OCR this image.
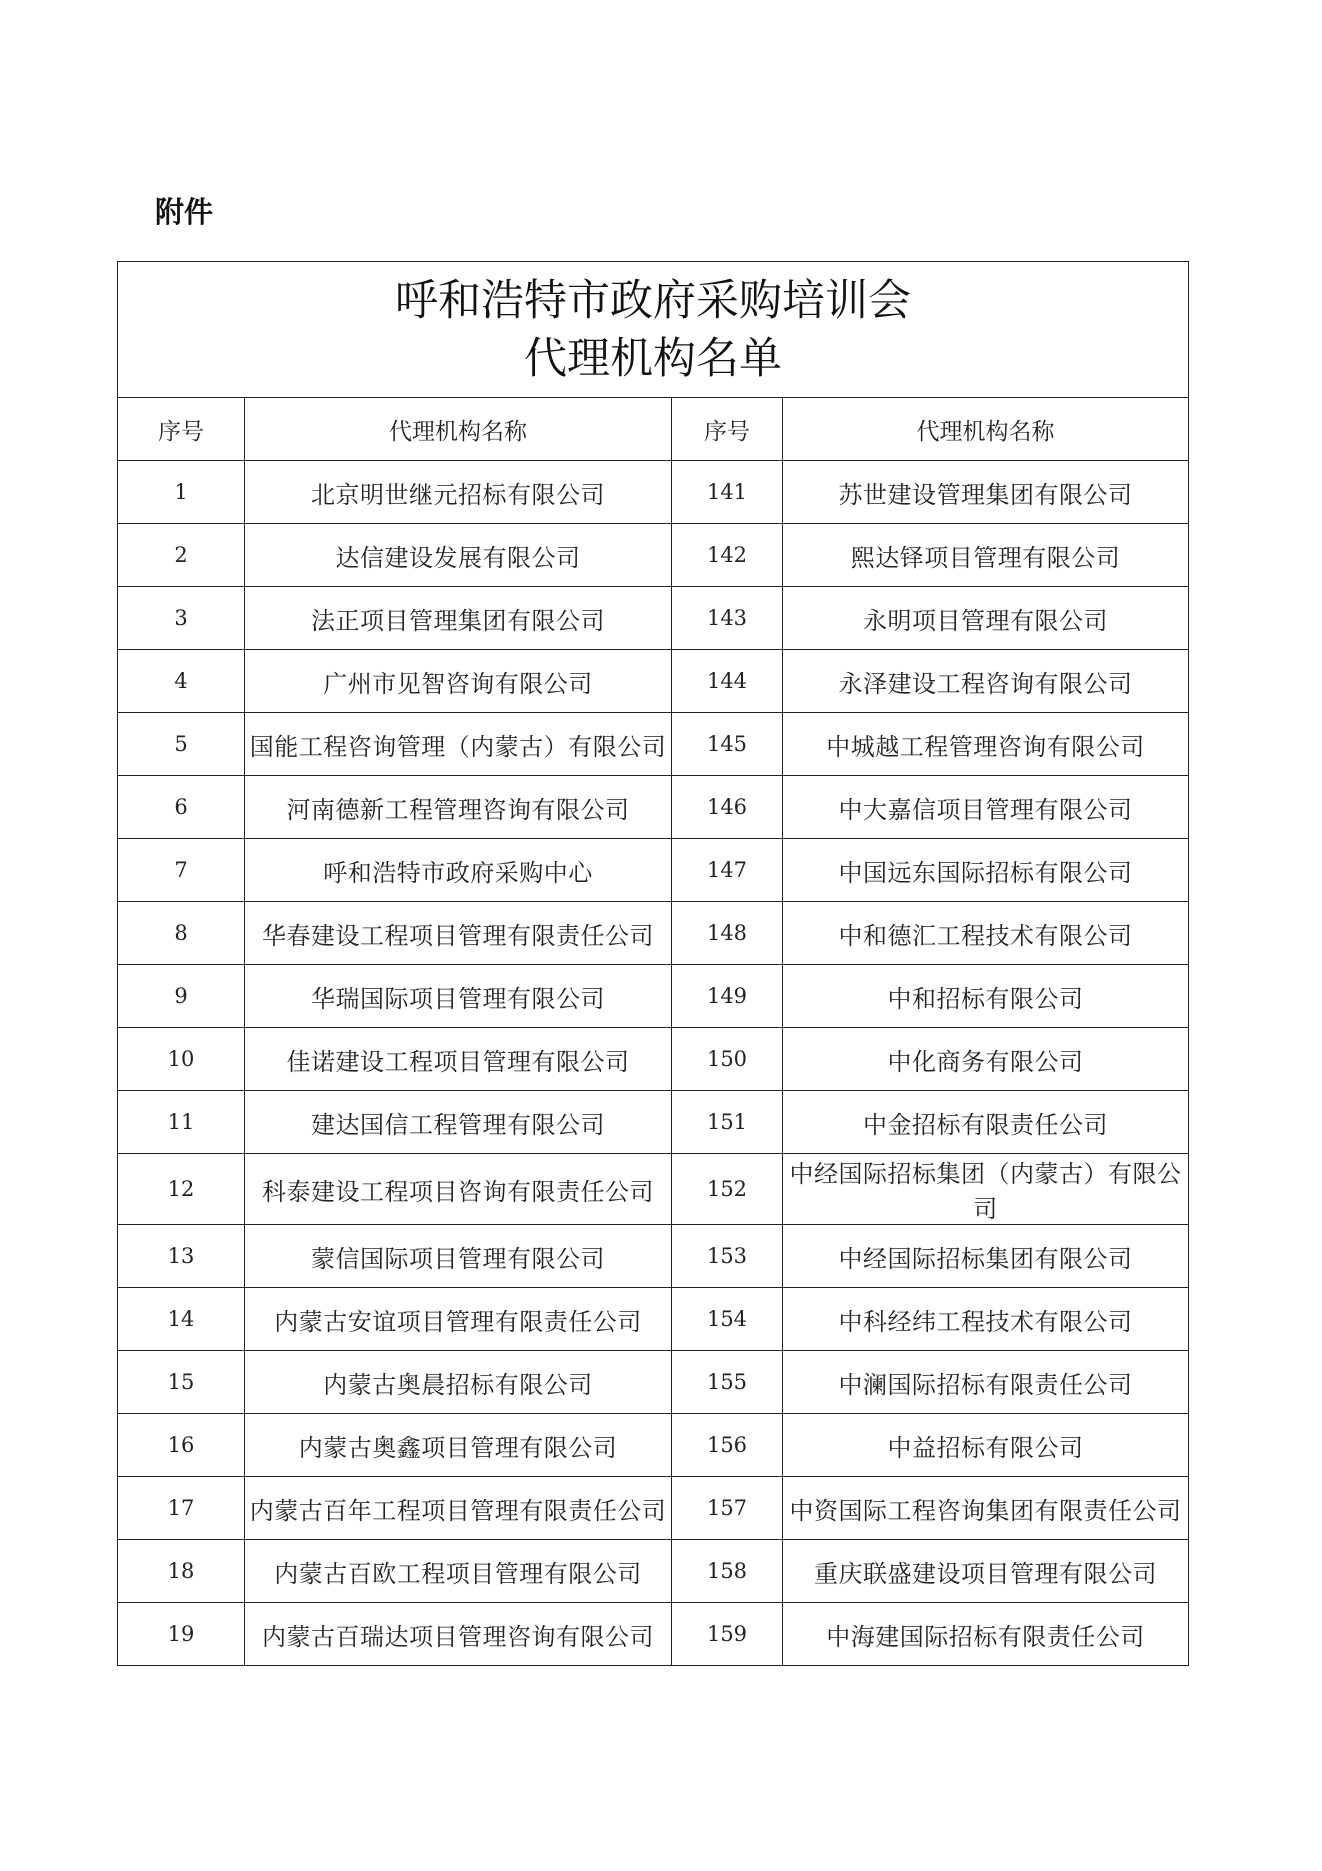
附件
呼和浩特市政府采购培训会
代理机构名单			

序号	代理机构名称	序号	代理机构名称
1	北京明世继元招标有限公司	141	苏世建设管理集团有限公司
2	达信建设发展有限公司	142	熙达铎项目管理有限公司
3	法正项目管理集团有限公司	143	永明项目管理有限公司
4	广州市见智咨询有限公司	144	永泽建设工程咨询有限公司
5	国能工程咨询管理（内蒙古）有限公司	145	中城越工程管理咨询有限公司
6	河南德新工程管理咨询有限公司	146	中大嘉信项目管理有限公司
7	呼和浩特市政府采购中心	147	中国远东国际招标有限公司
8	华春建设工程项目管理有限责任公司	148	中和德汇工程技术有限公司
9	华瑞国际项目管理有限公司	149	中和招标有限公司
10	佳诺建设工程项目管理有限公司	150	中化商务有限公司
11	建达国信工程管理有限公司	151	中金招标有限责任公司
12	科泰建设工程项目咨询有限责任公司	152	中经国际招标集团（内蒙古）有限公司
13	蒙信国际项目管理有限公司	153	中经国际招标集团有限公司
14	内蒙古安谊项目管理有限责任公司	154	中科经纬工程技术有限公司
15	内蒙古奥晨招标有限公司	155	中澜国际招标有限责任公司
16	内蒙古奥鑫项目管理有限公司	156	中益招标有限公司
17	内蒙古百年工程项目管理有限责任公司	157	中资国际工程咨询集团有限责任公司
18	内蒙古百欧工程项目管理有限公司	158	重庆联盛建设项目管理有限公司
19	内蒙古百瑞达项目管理咨询有限公司	159	中海建国际招标有限责任公司
